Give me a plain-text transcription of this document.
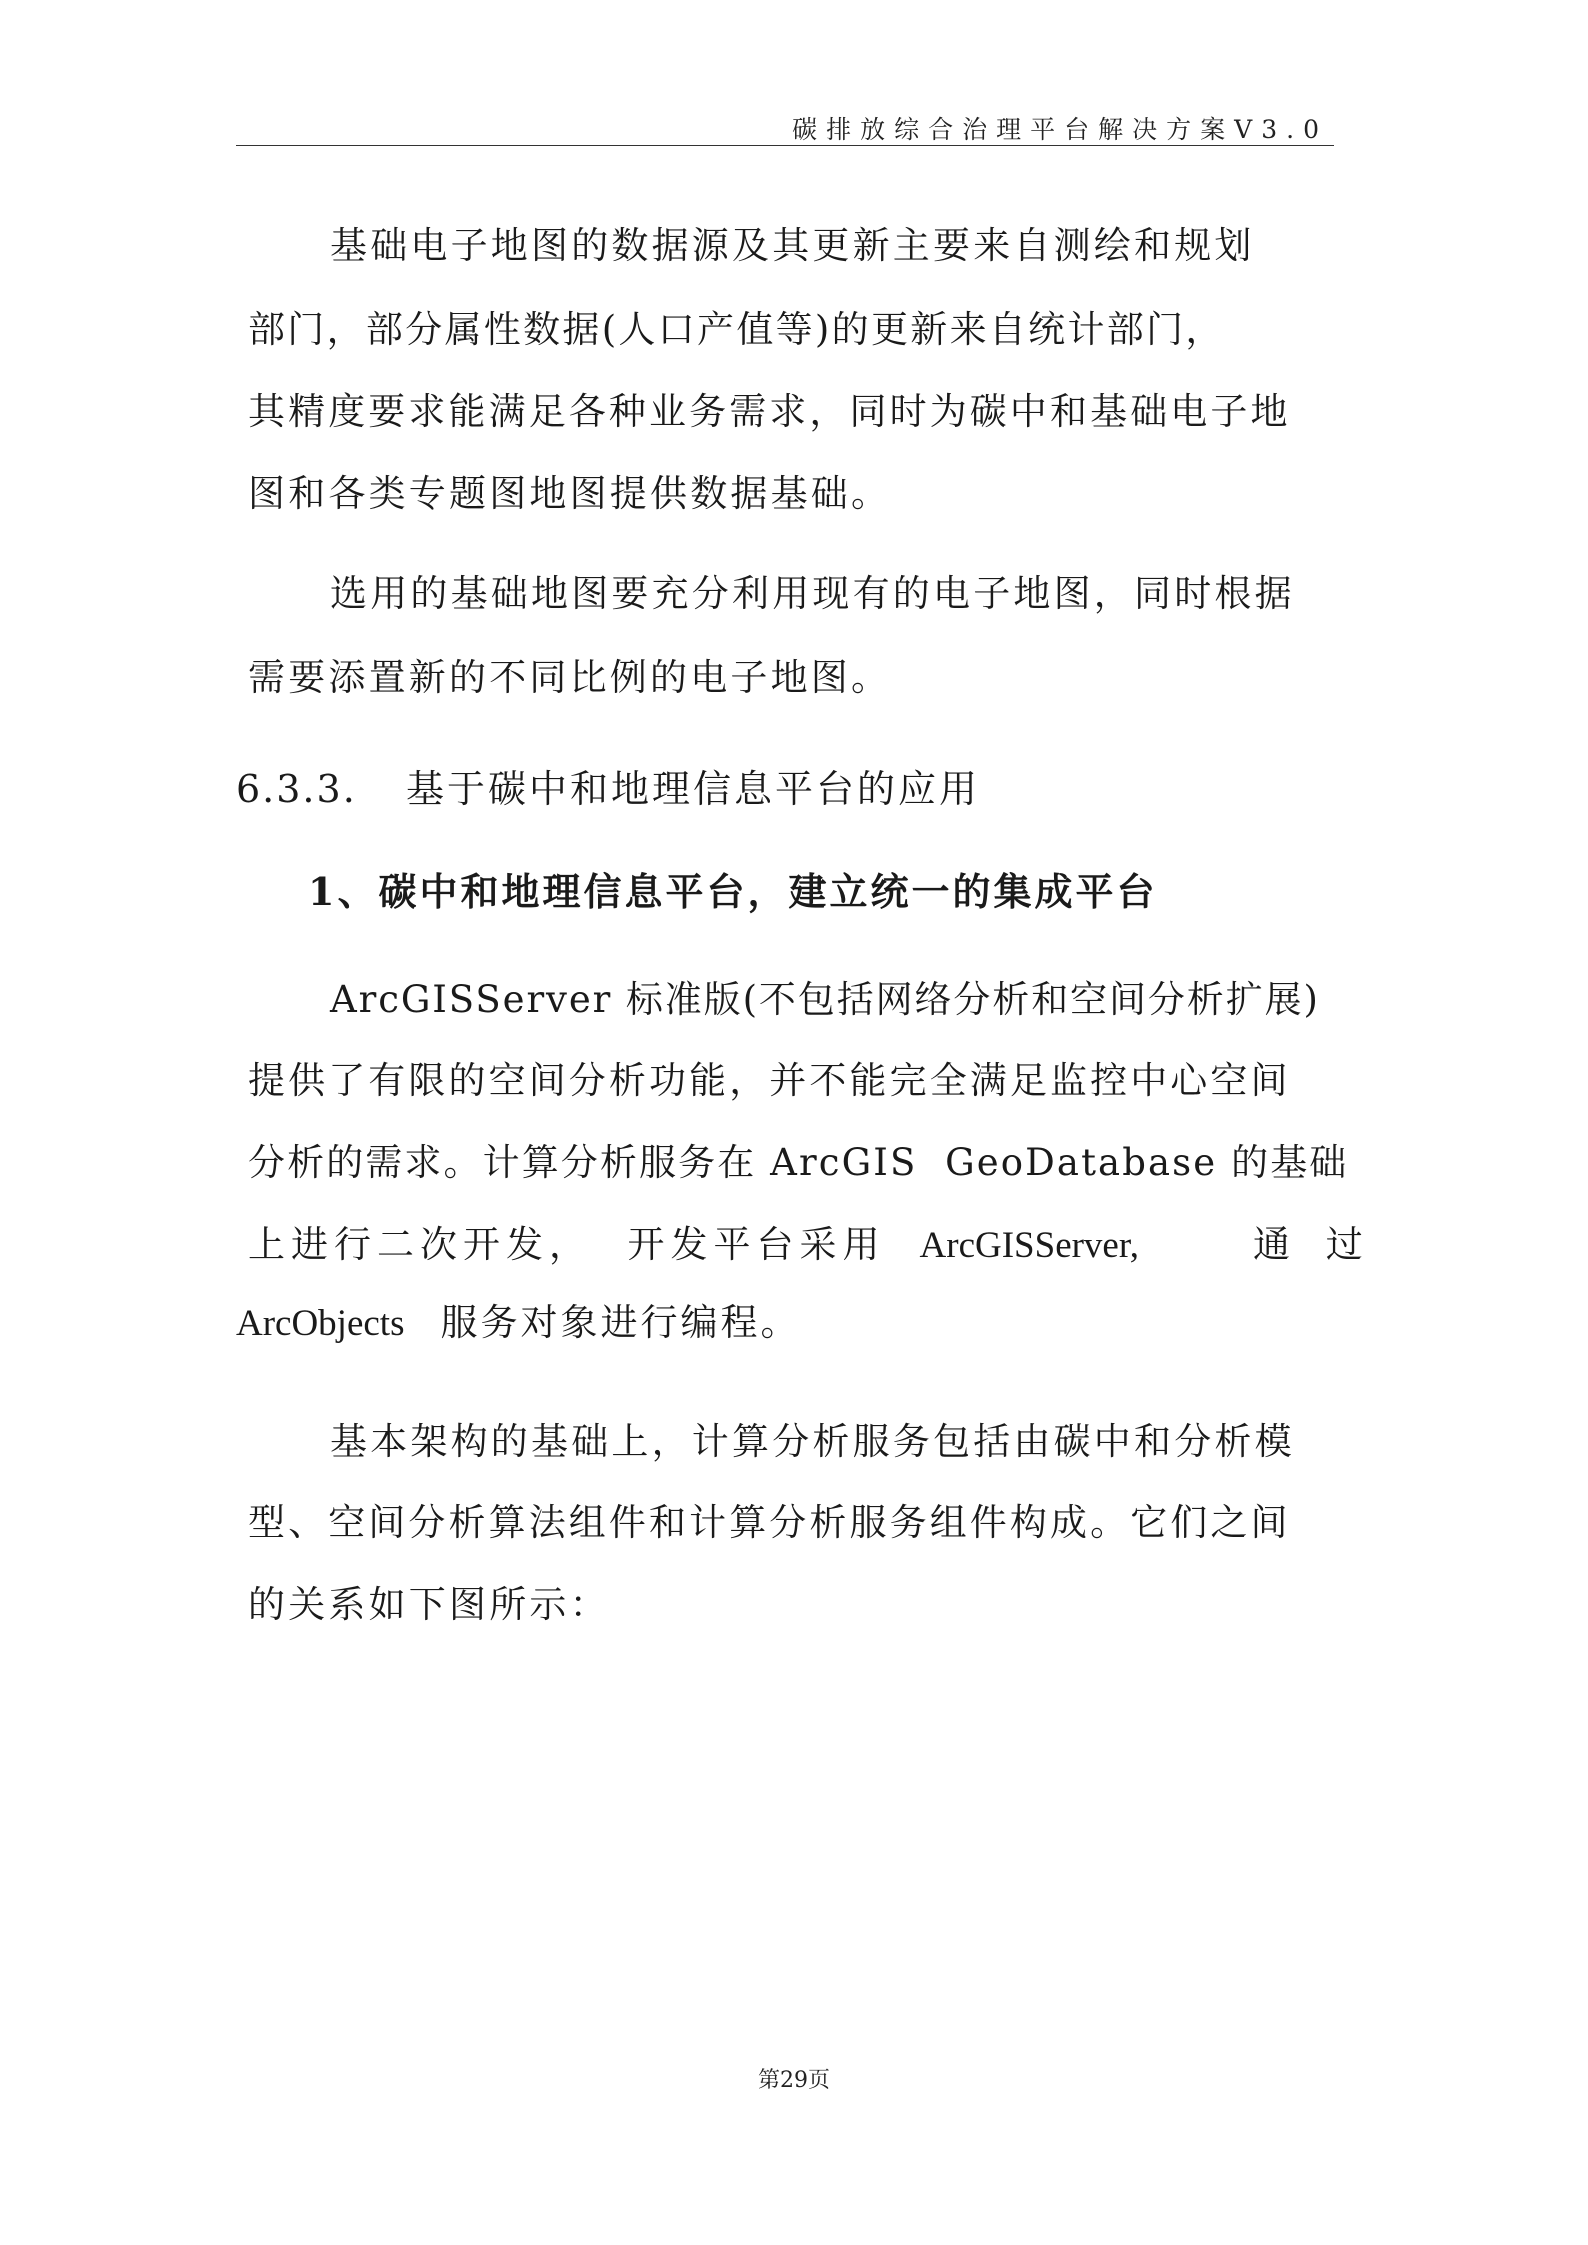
碳排放综合治理平台解决方案V3.0
基础电子地图的数据源及其更新主要来自测绘和规划
部门，部分属性数据(人口产值等)的更新来自统计部门，
其精度要求能满足各种业务需求，同时为碳中和基础电子地
图和各类专题图地图提供数据基础。
选用的基础地图要充分利用现有的电子地图，同时根据
需要添置新的不同比例的电子地图。
6.3.3. 基于碳中和地理信息平台的应用
1、碳中和地理信息平台，建立统一的集成平台
ArcGISServer 标准版(不包括网络分析和空间分析扩展)
提供了有限的空间分析功能，并不能完全满足监控中心空间
分析的需求。计算分析服务在 ArcGIS  GeoDatabase 的基础
上进行二次开发，  开发平台采用 ArcGISServer,	通 过
ArcObjects 服务对象进行编程。
基本架构的基础上，计算分析服务包括由碳中和分析模
型、空间分析算法组件和计算分析服务组件构成。它们之间
的关系如下图所示：
第29页
